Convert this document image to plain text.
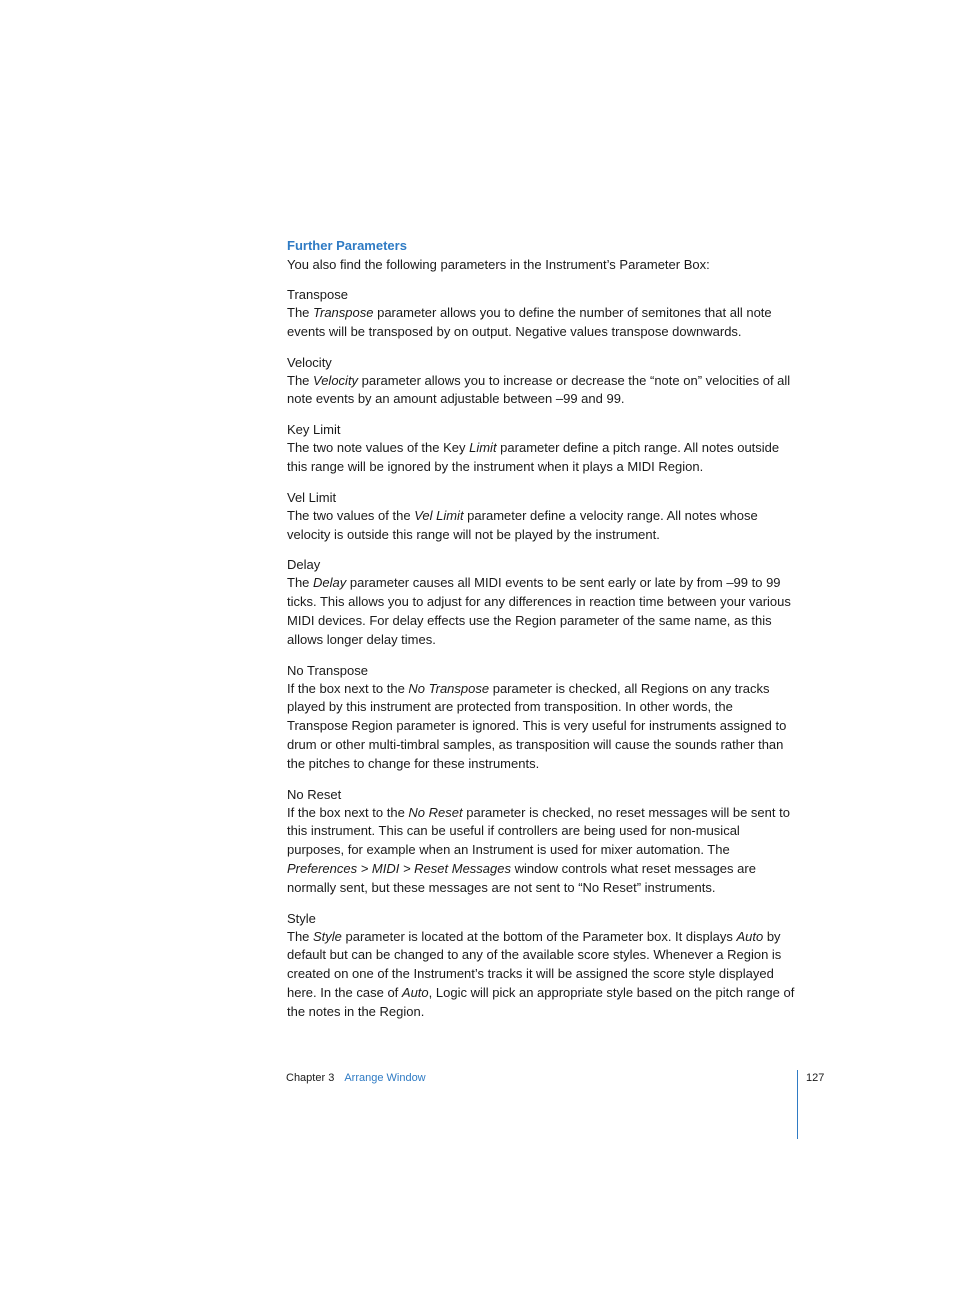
Further Parameters

You also find the following parameters in the Instrument’s Parameter Box:

Transpose

The Transpose parameter allows you to define the number of semitones that all note events will be transposed by on output. Negative values transpose downwards.

Velocity

The Velocity parameter allows you to increase or decrease the “note on” velocities of all note events by an amount adjustable between –99 and 99.

Key Limit

The two note values of the Key Limit parameter define a pitch range. All notes outside this range will be ignored by the instrument when it plays a MIDI Region.

Vel Limit

The two values of the Vel Limit parameter define a velocity range. All notes whose velocity is outside this range will not be played by the instrument.

Delay

The Delay parameter causes all MIDI events to be sent early or late by from –99 to 99 ticks. This allows you to adjust for any differences in reaction time between your various MIDI devices. For delay effects use the Region parameter of the same name, as this allows longer delay times.

No Transpose

If the box next to the No Transpose parameter is checked, all Regions on any tracks played by this instrument are protected from transposition. In other words, the Transpose Region parameter is ignored. This is very useful for instruments assigned to drum or other multi-timbral samples, as transposition will cause the sounds rather than the pitches to change for these instruments.

No Reset

If the box next to the No Reset parameter is checked, no reset messages will be sent to this instrument. This can be useful if controllers are being used for non-musical purposes, for example when an Instrument is used for mixer automation. The Preferences > MIDI > Reset Messages window controls what reset messages are normally sent, but these messages are not sent to “No Reset” instruments.

Style

The Style parameter is located at the bottom of the Parameter box. It displays Auto by default but can be changed to any of the available score styles. Whenever a Region is created on one of the Instrument’s tracks it will be assigned the score style displayed here. In the case of Auto, Logic will pick an appropriate style based on the pitch range of the notes in the Region.

Chapter 3 Arrange Window	127
